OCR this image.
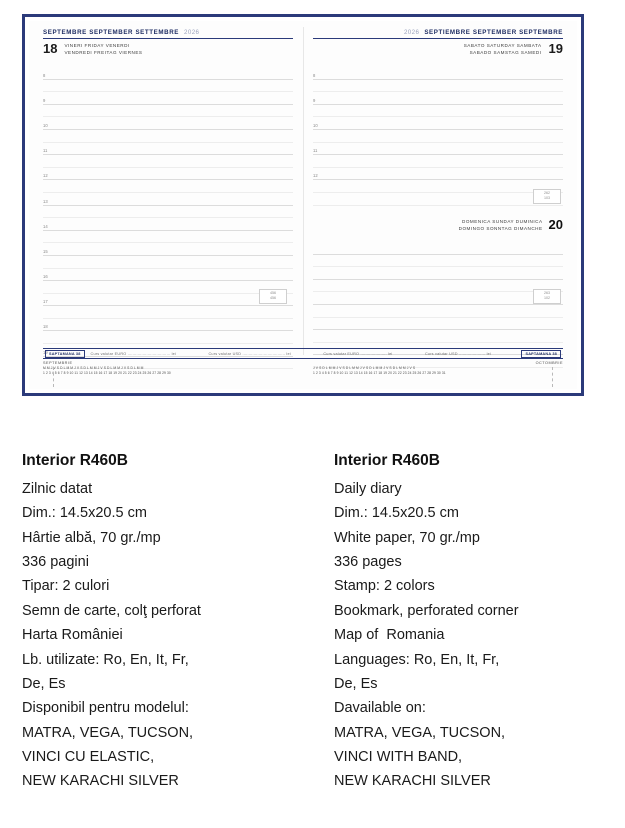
SEPTEMBRE SEPTEMBER SETTEMBRE 2026
18 VINERI FRIDAY VENERDI
VENDREDI FREITAG VIERNES
8
9
10
11
12
13
14
15
16
17
18
19
456
456
2026 SEPTIEMBRE SEPTEMBER SEPTEMBRE
SABATO SATURDAY SAMBATA
SABADO SAMSTAG SAMEDI 19
8
9
10
11
12
262
103
DOMENICA SUNDAY DUMINICA
DOMINGO SONNTAG DIMANCHE 20
263
102
SAPTAMANA 38	Curs valutar EURO .................................. lei	Curs valutar USD .................................. lei	Curs valutar EURO ..................... lei	Curs valutar USD ..................... lei	SAPTAMANA 38
SEPTEMBRIE
M M J V S D L M M J V S D L M M J V S D L M M J V S D L M M
1 2 3 4 5 6 7 8 9 10 11 12 13 14 15 16 17 18 19 20 21 22 23 24 25 26 27 28 29 30
OCTOMBRIE
J V S D L M M J V S D L M M J V S D L M M J V S D L M M J V S
1 2 3 4 5 6 7 8 9 10 11 12 13 14 15 16 17 18 19 20 21 22 23 24 25 26 27 28 29 30 31
Interior R460B
Zilnic datat
Dim.: 14.5x20.5 cm
Hârtie albă, 70 gr./mp
336 pagini
Tipar: 2 culori
Semn de carte, colţ perforat
Harta României
Lb. utilizate: Ro, En, It, Fr,
De, Es
Disponibil pentru modelul:
MATRA, VEGA, TUCSON,
VINCI CU ELASTIC,
NEW KARACHI SILVER
Interior R460B
Daily diary
Dim.: 14.5x20.5 cm
White paper, 70 gr./mp
336 pages
Stamp: 2 colors
Bookmark, perforated corner
Map of  Romania
Languages: Ro, En, It, Fr,
De, Es
Davailable on:
MATRA, VEGA, TUCSON,
VINCI WITH BAND,
NEW KARACHI SILVER
